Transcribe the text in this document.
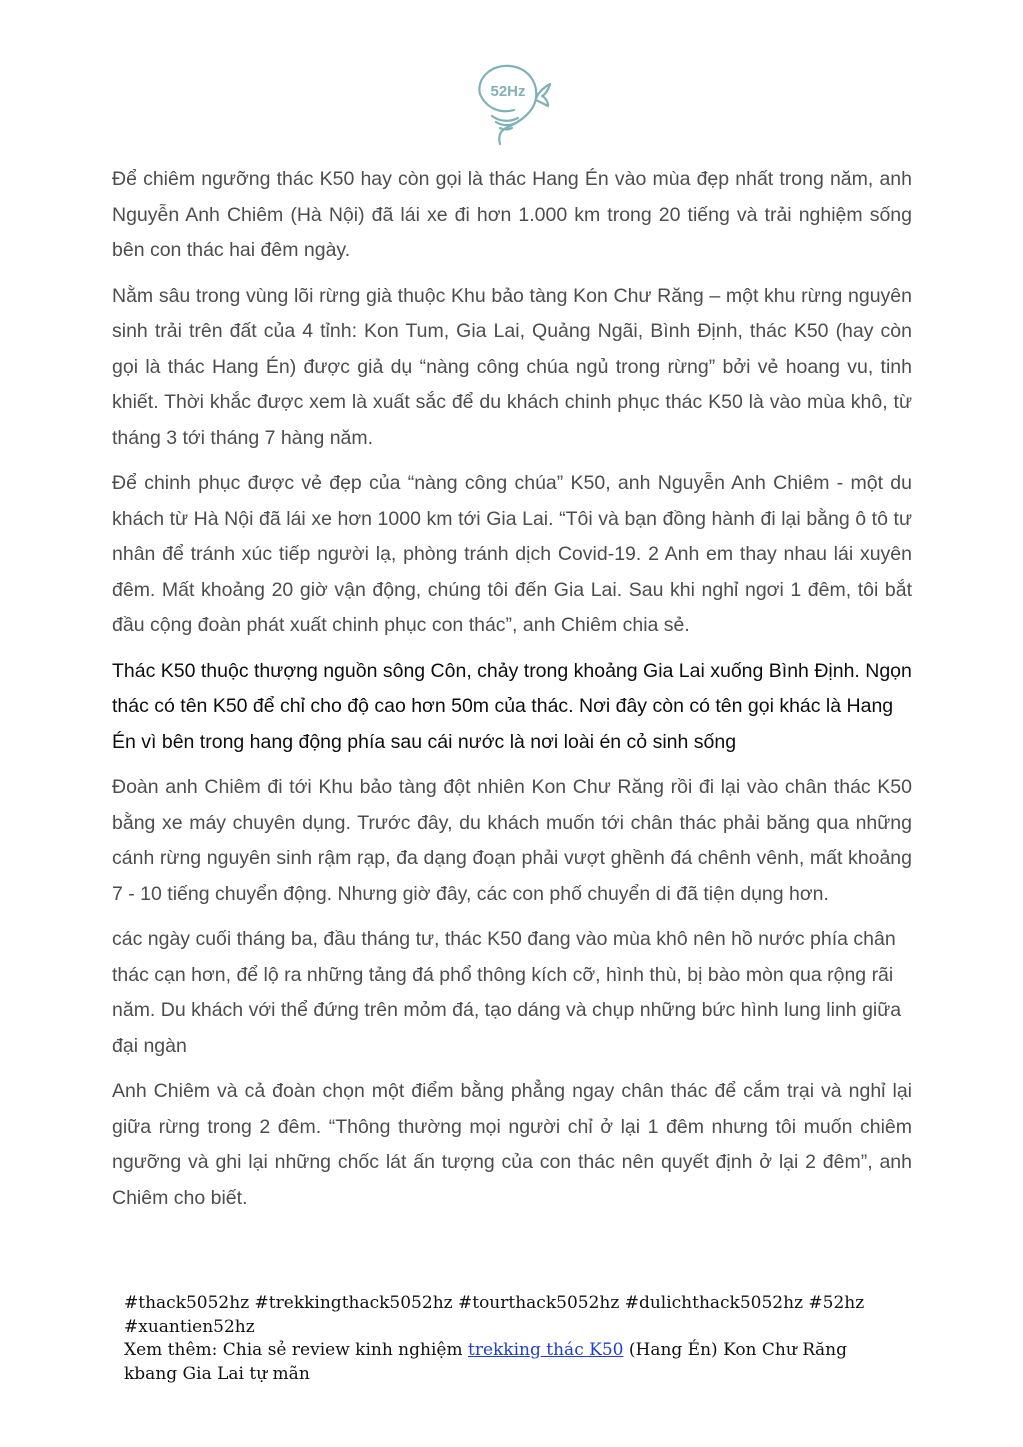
52Hz

Để chiêm ngưỡng thác K50 hay còn gọi là thác Hang Én vào mùa đẹp nhất trong năm, anh Nguyễn Anh Chiêm (Hà Nội) đã lái xe đi hơn 1.000 km trong 20 tiếng và trải nghiệm sống bên con thác hai đêm ngày.

Nằm sâu trong vùng lõi rừng già thuộc Khu bảo tàng Kon Chư Răng – một khu rừng nguyên sinh trải trên đất của 4 tỉnh: Kon Tum, Gia Lai, Quảng Ngãi, Bình Định, thác K50 (hay còn gọi là thác Hang Én) được giả dụ “nàng công chúa ngủ trong rừng” bởi vẻ hoang vu, tinh khiết. Thời khắc được xem là xuất sắc để du khách chinh phục thác K50 là vào mùa khô, từ tháng 3 tới tháng 7 hàng năm.

Để chinh phục được vẻ đẹp của “nàng công chúa” K50, anh Nguyễn Anh Chiêm - một du khách từ Hà Nội đã lái xe hơn 1000 km tới Gia Lai. “Tôi và bạn đồng hành đi lại bằng ô tô tư nhân để tránh xúc tiếp người lạ, phòng tránh dịch Covid-19. 2 Anh em thay nhau lái xuyên đêm. Mất khoảng 20 giờ vận động, chúng tôi đến Gia Lai. Sau khi nghỉ ngơi 1 đêm, tôi bắt đầu cộng đoàn phát xuất chinh phục con thác”, anh Chiêm chia sẻ.

Thác K50 thuộc thượng nguồn sông Côn, chảy trong khoảng Gia Lai xuống Bình Định. Ngọn thác có tên K50 để chỉ cho độ cao hơn 50m của thác. Nơi đây còn có tên gọi khác là Hang Én vì bên trong hang động phía sau cái nước là nơi loài én cỏ sinh sống

Đoàn anh Chiêm đi tới Khu bảo tàng đột nhiên Kon Chư Răng rồi đi lại vào chân thác K50 bằng xe máy chuyên dụng. Trước đây, du khách muốn tới chân thác phải băng qua những cánh rừng nguyên sinh rậm rạp, đa dạng đoạn phải vượt ghềnh đá chênh vênh, mất khoảng 7 - 10 tiếng chuyển động. Nhưng giờ đây, các con phố chuyển di đã tiện dụng hơn.

các ngày cuối tháng ba, đầu tháng tư, thác K50 đang vào mùa khô nên hồ nước phía chân thác cạn hơn, để lộ ra những tảng đá phổ thông kích cỡ, hình thù, bị bào mòn qua rộng rãi năm. Du khách với thể đứng trên mỏm đá, tạo dáng và chụp những bức hình lung linh giữa đại ngàn

Anh Chiêm và cả đoàn chọn một điểm bằng phẳng ngay chân thác để cắm trại và nghỉ lại giữa rừng trong 2 đêm. “Thông thường mọi người chỉ ở lại 1 đêm nhưng tôi muốn chiêm ngưỡng và ghi lại những chốc lát ấn tượng của con thác nên quyết định ở lại 2 đêm”, anh Chiêm cho biết.

#thack5052hz #trekkingthack5052hz #tourthack5052hz #dulichthack5052hz #52hz #xuantien52hz

Xem thêm: Chia sẻ review kinh nghiệm trekking thác K50 (Hang Én) Kon Chư Răng kbang Gia Lai tự mãn
